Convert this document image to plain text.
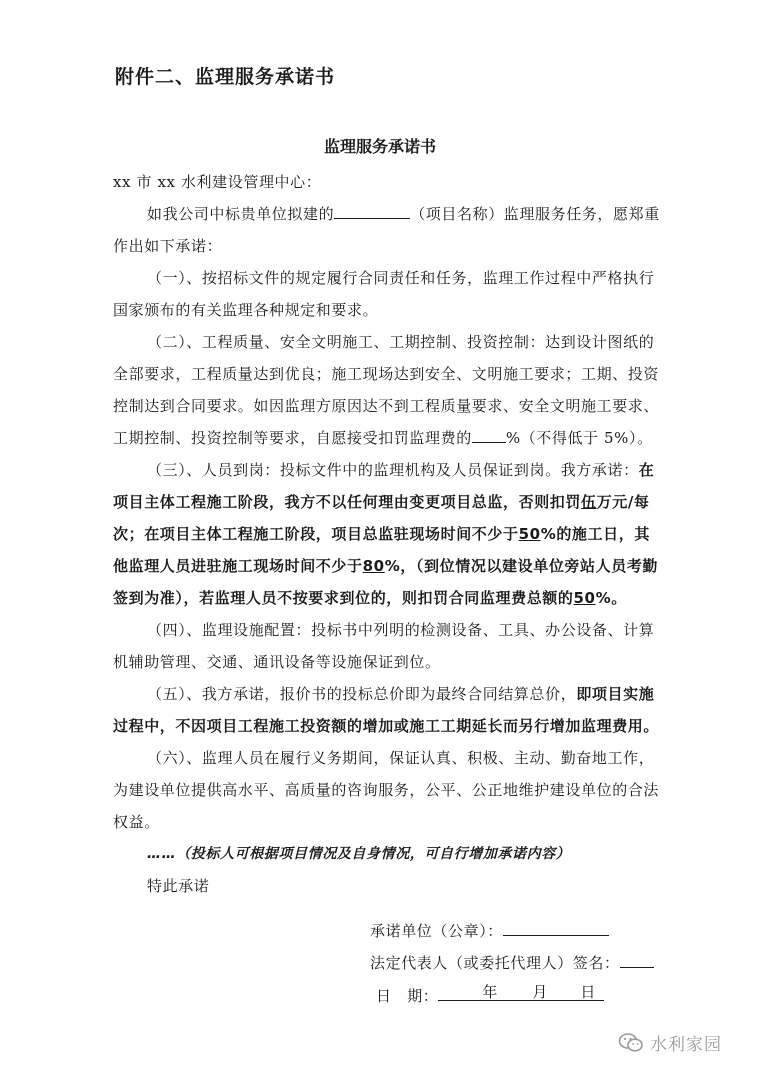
附件二、监理服务承诺书
监理服务承诺书

xx 市 xx 水利建设管理中心：

如我公司中标贵单位拟建的	（项目名称）监理服务任务，愿郑重作出如下承诺：

（一）、按招标文件的规定履行合同责任和任务，监理工作过程中严格执行国家颁布的有关监理各种规定和要求。

（二）、工程质量、安全文明施工、工期控制、投资控制：达到设计图纸的全部要求，工程质量达到优良；施工现场达到安全、文明施工要求；工期、投资控制达到合同要求。如因监理方原因达不到工程质量要求、安全文明施工要求、工期控制、投资控制等要求，自愿接受扣罚监理费的 %（不得低于 5%）。

（三）、人员到岗：投标文件中的监理机构及人员保证到岗。我方承诺：在项目主体工程施工阶段，我方不以任何理由变更项目总监，否则扣罚伍万元/每次；在项目主体工程施工阶段，项目总监驻现场时间不少于50%的施工日，其他监理人员进驻施工现场时间不少于80%，（到位情况以建设单位旁站人员考勤签到为准），若监理人员不按要求到位的，则扣罚合同监理费总额的50%。

（四）、监理设施配置：投标书中列明的检测设备、工具、办公设备、计算机辅助管理、交通、通讯设备等设施保证到位。

（五）、我方承诺，报价书的投标总价即为最终合同结算总价，即项目实施过程中，不因项目工程施工投资额的增加或施工工期延长而另行增加监理费用。

（六）、监理人员在履行义务期间，保证认真、积极、主动、勤奋地工作，为建设单位提供高水平、高质量的咨询服务，公平、公正地维护建设单位的合法权益。

……（投标人可根据项目情况及自身情况，可自行增加承诺内容）

特此承诺

承诺单位（公章）：
法定代表人（或委托代理人）签名：
日　期：	年 月 日
水利家园
